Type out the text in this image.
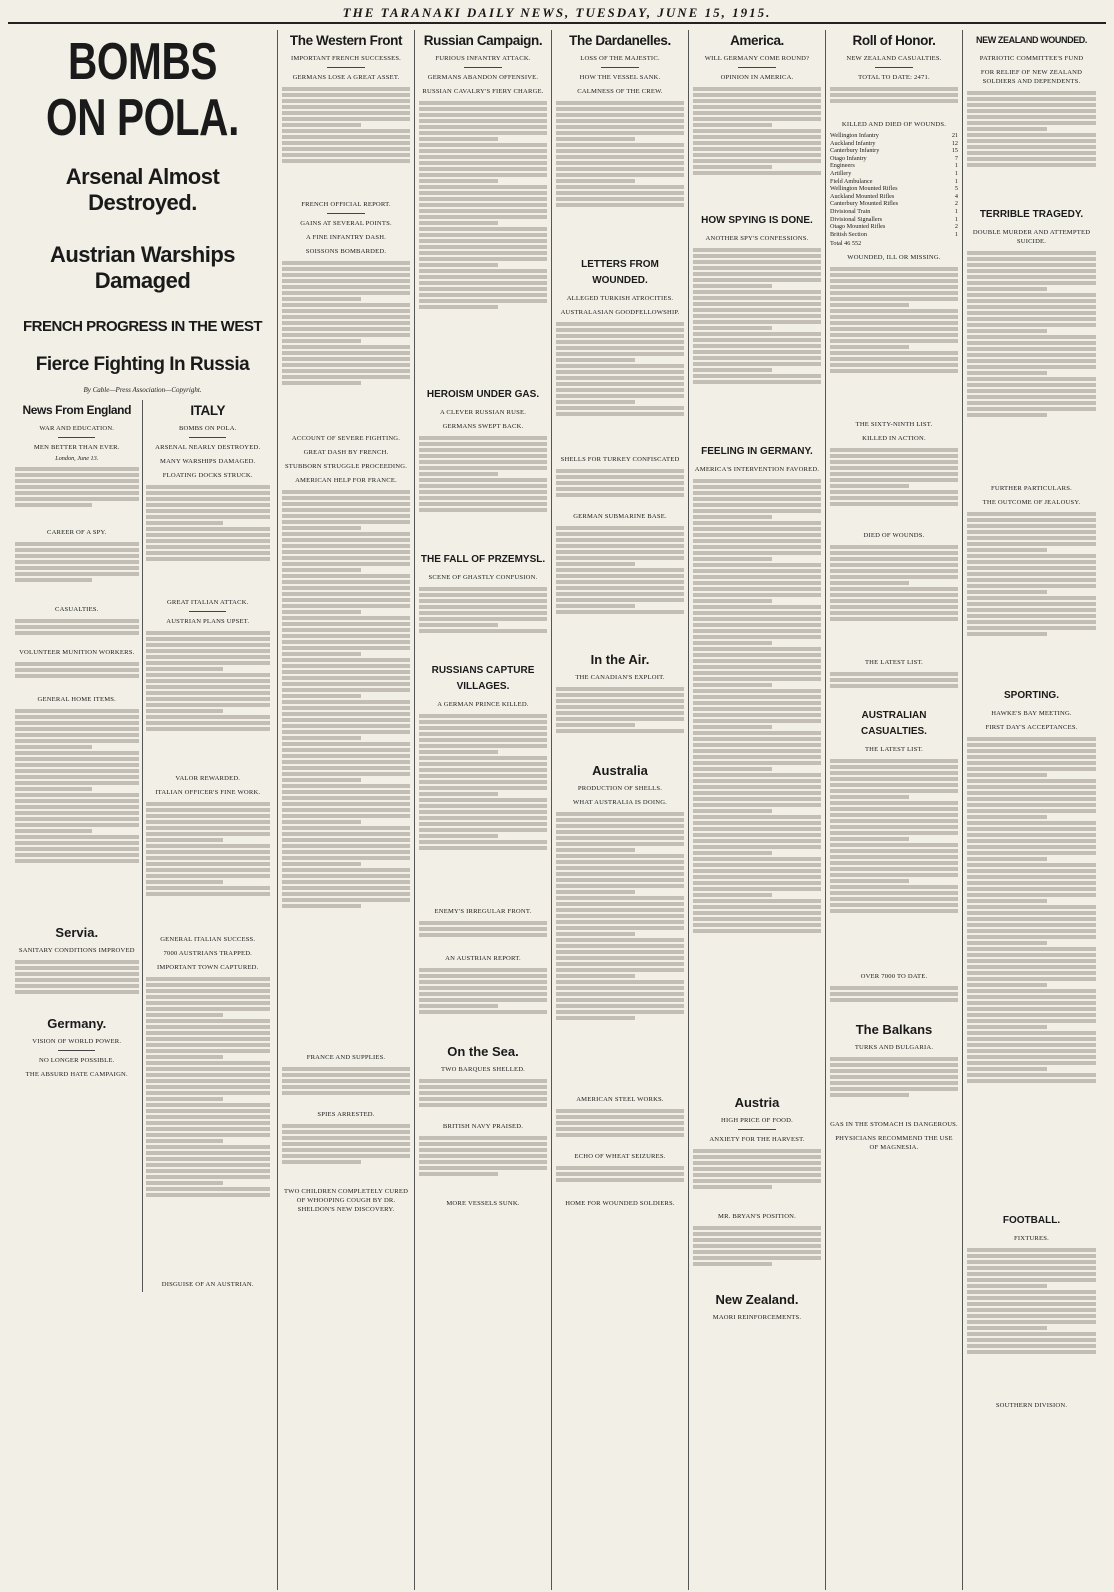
THE TARANAKI DAILY NEWS, TUESDAY, JUNE 15, 1915.
BOMBS ON POLA.
Arsenal Almost Destroyed.
Austrian Warships Damaged
FRENCH PROGRESS IN THE WEST
Fierce Fighting In Russia
By Cable—Press Association—Copyright.
News From England
WAR AND EDUCATION.
MEN BETTER THAN EVER.
London, June 13.
CAREER OF A SPY.
CASUALTIES.
VOLUNTEER MUNITION WORKERS.
GENERAL HOME ITEMS.
Servia.
SANITARY CONDITIONS IMPROVED
Germany.
VISION OF WORLD POWER.
NO LONGER POSSIBLE.
THE ABSURD HATE CAMPAIGN.
ITALY
BOMBS ON POLA.
ARSENAL NEARLY DESTROYED.
MANY WARSHIPS DAMAGED.
FLOATING DOCKS STRUCK.
GREAT ITALIAN ATTACK.
AUSTRIAN PLANS UPSET.
VALOR REWARDED.
ITALIAN OFFICER'S FINE WORK.
GENERAL ITALIAN SUCCESS.
7000 AUSTRIANS TRAPPED.
IMPORTANT TOWN CAPTURED.
DISGUISE OF AN AUSTRIAN.
The Western Front
IMPORTANT FRENCH SUCCESSES.
GERMANS LOSE A GREAT ASSET.
FRENCH OFFICIAL REPORT.
GAINS AT SEVERAL POINTS.
A FINE INFANTRY DASH.
SOISSONS BOMBARDED.
ACCOUNT OF SEVERE FIGHTING.
GREAT DASH BY FRENCH.
STUBBORN STRUGGLE PROCEEDING.
AMERICAN HELP FOR FRANCE.
FRANCE AND SUPPLIES.
SPIES ARRESTED.
TWO CHILDREN COMPLETELY CURED OF WHOOPING COUGH BY DR. SHELDON'S NEW DISCOVERY.
Russian Campaign.
FURIOUS INFANTRY ATTACK.
GERMANS ABANDON OFFENSIVE.
RUSSIAN CAVALRY'S FIERY CHARGE.
HEROISM UNDER GAS.
A CLEVER RUSSIAN RUSE.
GERMANS SWEPT BACK.
THE FALL OF PRZEMYSL.
SCENE OF GHASTLY CONFUSION.
RUSSIANS CAPTURE VILLAGES.
A GERMAN PRINCE KILLED.
ENEMY'S IRREGULAR FRONT.
AN AUSTRIAN REPORT.
On the Sea.
TWO BARQUES SHELLED.
BRITISH NAVY PRAISED.
MORE VESSELS SUNK.
The Dardanelles.
LOSS OF THE MAJESTIC.
HOW THE VESSEL SANK.
CALMNESS OF THE CREW.
LETTERS FROM WOUNDED.
ALLEGED TURKISH ATROCITIES.
AUSTRALASIAN GOODFELLOWSHIP.
SHELLS FOR TURKEY CONFISCATED
GERMAN SUBMARINE BASE.
In the Air.
THE CANADIAN'S EXPLOIT.
Australia
PRODUCTION OF SHELLS.
WHAT AUSTRALIA IS DOING.
AMERICAN STEEL WORKS.
ECHO OF WHEAT SEIZURES.
HOME FOR WOUNDED SOLDIERS.
America.
WILL GERMANY COME ROUND?
OPINION IN AMERICA.
HOW SPYING IS DONE.
ANOTHER SPY'S CONFESSIONS.
FEELING IN GERMANY.
AMERICA'S INTERVENTION FAVORED.
Austria
HIGH PRICE OF FOOD.
ANXIETY FOR THE HARVEST.
MR. BRYAN'S POSITION.
New Zealand.
MAORI REINFORCEMENTS.
Roll of Honor.
NEW ZEALAND CASUALTIES.
TOTAL TO DATE: 2471.
KILLED AND DIED OF WOUNDS.
Wellington Infantry	21
Auckland Infantry	12
Canterbury Infantry	15
Otago Infantry	7
Engineers	1
Artillery	1
Field Ambulance	1
Wellington Mounted Rifles	5
Auckland Mounted Rifles	4
Canterbury Mounted Rifles	2
Divisional Train	1
Divisional Signallers	1
Otago Mounted Rifles	2
British Section	1
Total 46 552
WOUNDED, ILL OR MISSING.
THE SIXTY-NINTH LIST.
KILLED IN ACTION.
DIED OF WOUNDS.
THE LATEST LIST.
AUSTRALIAN CASUALTIES.
THE LATEST LIST.
OVER 7000 TO DATE.
The Balkans
TURKS AND BULGARIA.
GAS IN THE STOMACH IS DANGEROUS.
PHYSICIANS RECOMMEND THE USE OF MAGNESIA.
NEW ZEALAND WOUNDED.
PATRIOTIC COMMITTEE'S FUND
FOR RELIEF OF NEW ZEALAND SOLDIERS AND DEPENDENTS.
TERRIBLE TRAGEDY.
DOUBLE MURDER AND ATTEMPTED SUICIDE.
FURTHER PARTICULARS.
THE OUTCOME OF JEALOUSY.
SPORTING.
HAWKE'S BAY MEETING.
FIRST DAY'S ACCEPTANCES.
FOOTBALL.
FIXTURES.
SOUTHERN DIVISION.
